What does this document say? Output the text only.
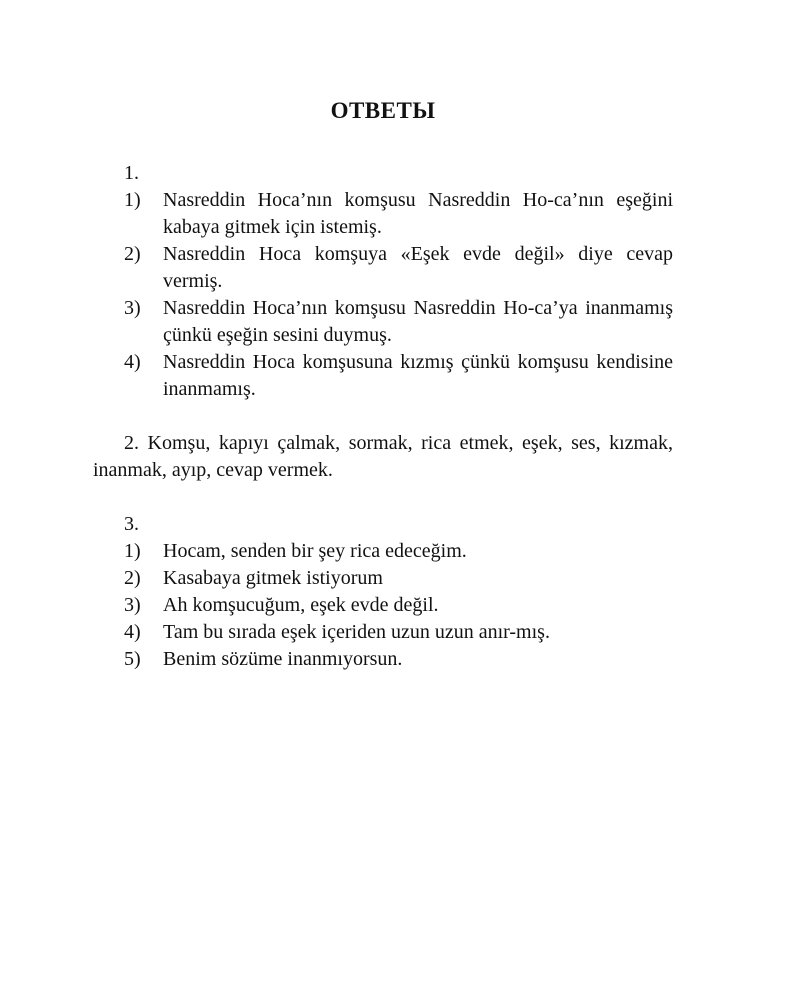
ОТВЕТЫ
1.
1) Nasreddin Hoca’nın komşusu Nasreddin Ho-ca’nın eşeğini kabaya gitmek için istemiş.
2) Nasreddin Hoca komşuya «Eşek evde değil» diye cevap vermiş.
3) Nasreddin Hoca’nın komşusu Nasreddin Ho-ca’ya inanmamış çünkü eşeğin sesini duymuş.
4) Nasreddin Hoca komşusuna kızmış çünkü komşusu kendisine inanmamış.

2. Komşu, kapıyı çalmak, sormak, rica etmek, eşek, ses, kızmak, inanmak, ayıp, cevap vermek.

3.
1) Hocam, senden bir şey rica edeceğim.
2) Kasabaya gitmek istiyorum
3) Ah komşucuğum, eşek evde değil.
4) Tam bu sırada eşek içeriden uzun uzun anır-mış.
5) Benim sözüme inanmıyorsun.
